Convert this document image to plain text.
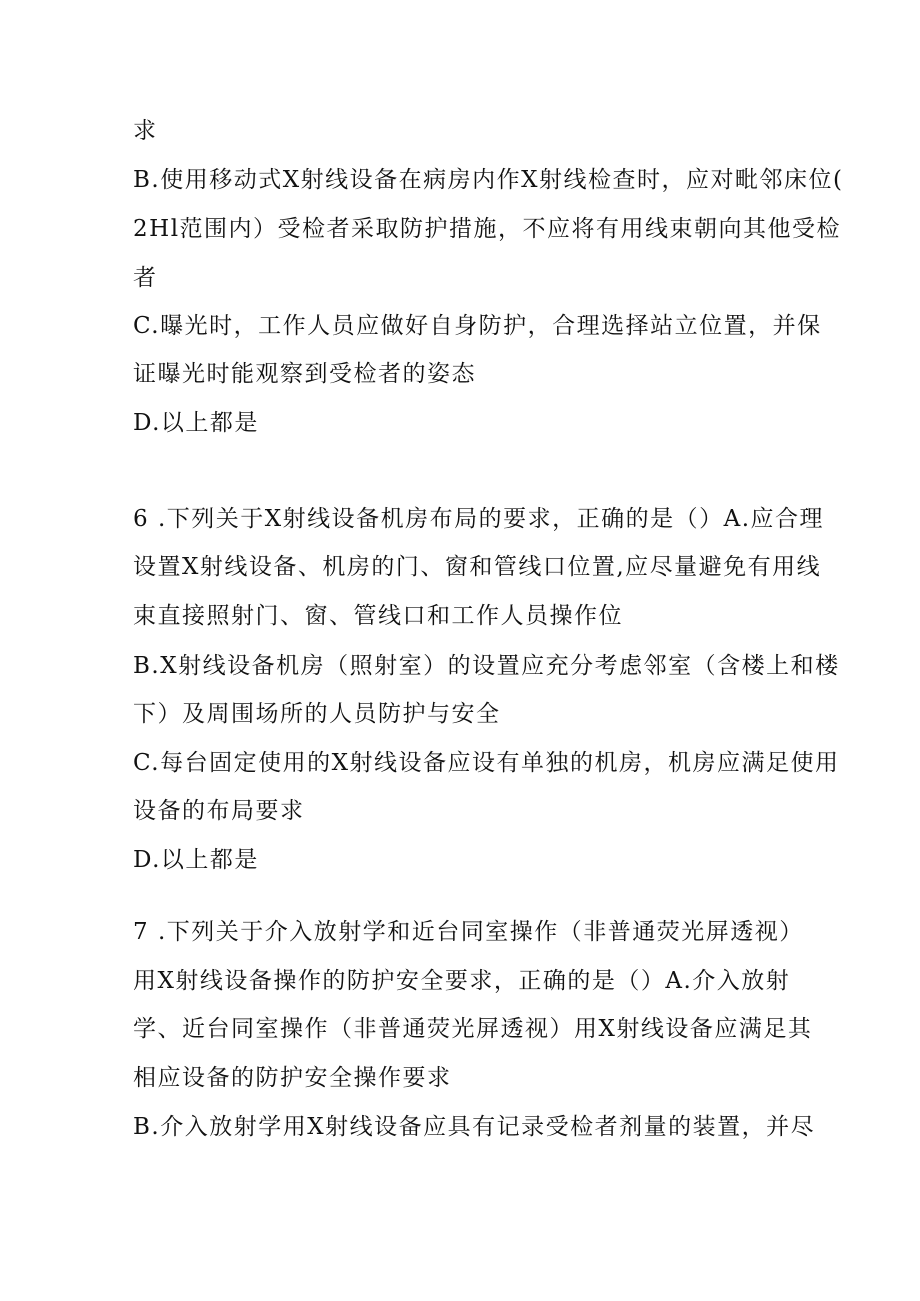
求
B.使用移动式X射线设备在病房内作X射线检查时，应对毗邻床位(
2Hl范围内）受检者采取防护措施，不应将有用线束朝向其他受检
者
C.曝光时，工作人员应做好自身防护，合理选择站立位置，并保
证曝光时能观察到受检者的姿态
D.以上都是
6 .下列关于X射线设备机房布局的要求，正确的是（）A.应合理
设置X射线设备、机房的门、窗和管线口位置,应尽量避免有用线
束直接照射门、窗、管线口和工作人员操作位
B.X射线设备机房（照射室）的设置应充分考虑邻室（含楼上和楼
下）及周围场所的人员防护与安全
C.每台固定使用的X射线设备应设有单独的机房，机房应满足使用
设备的布局要求
D.以上都是
7 .下列关于介入放射学和近台同室操作（非普通荧光屏透视）
用X射线设备操作的防护安全要求，正确的是（）A.介入放射
学、近台同室操作（非普通荧光屏透视）用X射线设备应满足其
相应设备的防护安全操作要求
B.介入放射学用X射线设备应具有记录受检者剂量的装置，并尽
